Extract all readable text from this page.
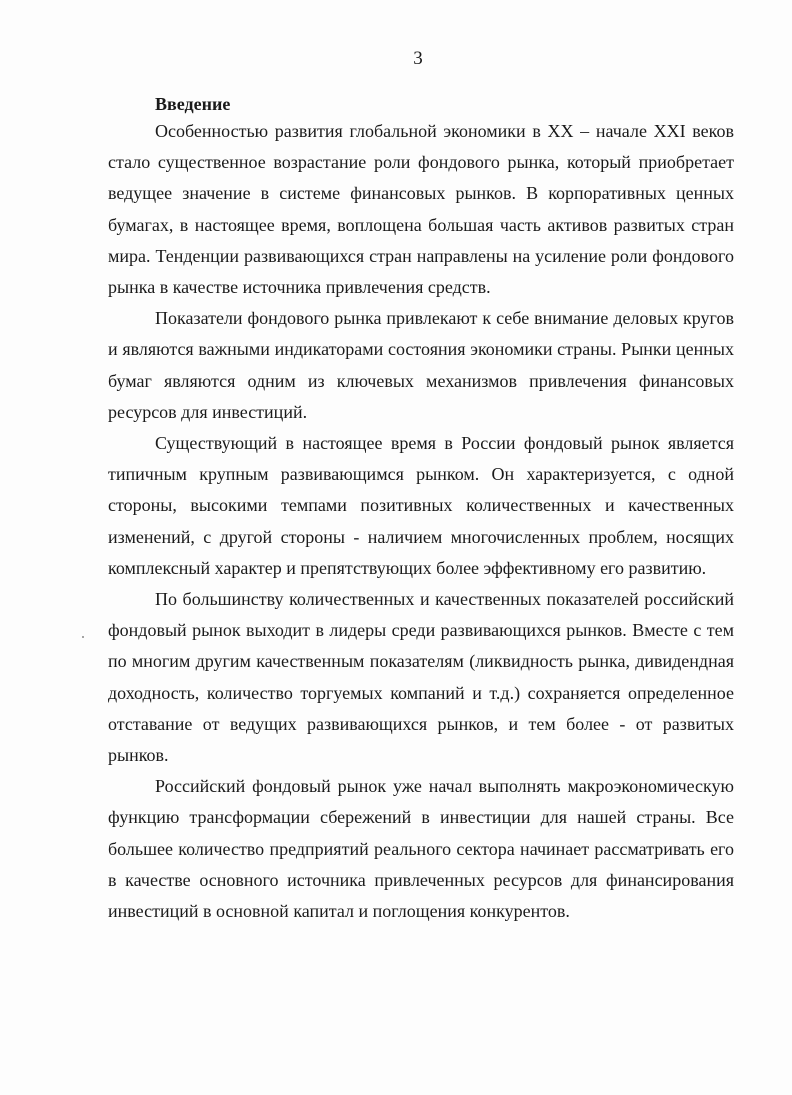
3

Введение

Особенностью развития глобальной экономики в XX – начале XXI веков стало существенное возрастание роли фондового рынка, который приобретает ведущее значение в системе финансовых рынков. В корпоративных ценных бумагах, в настоящее время, воплощена большая часть активов развитых стран мира. Тенденции развивающихся стран направлены на усиление роли фондового рынка в качестве источника привлечения средств.

Показатели фондового рынка привлекают к себе внимание деловых кругов и являются важными индикаторами состояния экономики страны. Рынки ценных бумаг являются одним из ключевых механизмов привлечения финансовых ресурсов для инвестиций.

Существующий в настоящее время в России фондовый рынок является типичным крупным развивающимся рынком. Он характеризуется, с одной стороны, высокими темпами позитивных количественных и качественных изменений, с другой стороны - наличием многочисленных проблем, носящих комплексный характер и препятствующих более эффективному его развитию.

По большинству количественных и качественных показателей российский фондовый рынок выходит в лидеры среди развивающихся рынков. Вместе с тем по многим другим качественным показателям (ликвидность рынка, дивидендная доходность, количество торгуемых компаний и т.д.) сохраняется определенное отставание от ведущих развивающихся рынков, и тем более - от развитых рынков.

Российский фондовый рынок уже начал выполнять макроэкономическую функцию трансформации сбережений в инвестиции для нашей страны. Все большее количество предприятий реального сектора начинает рассматривать его в качестве основного источника привлеченных ресурсов для финансирования инвестиций в основной капитал и поглощения конкурентов.
